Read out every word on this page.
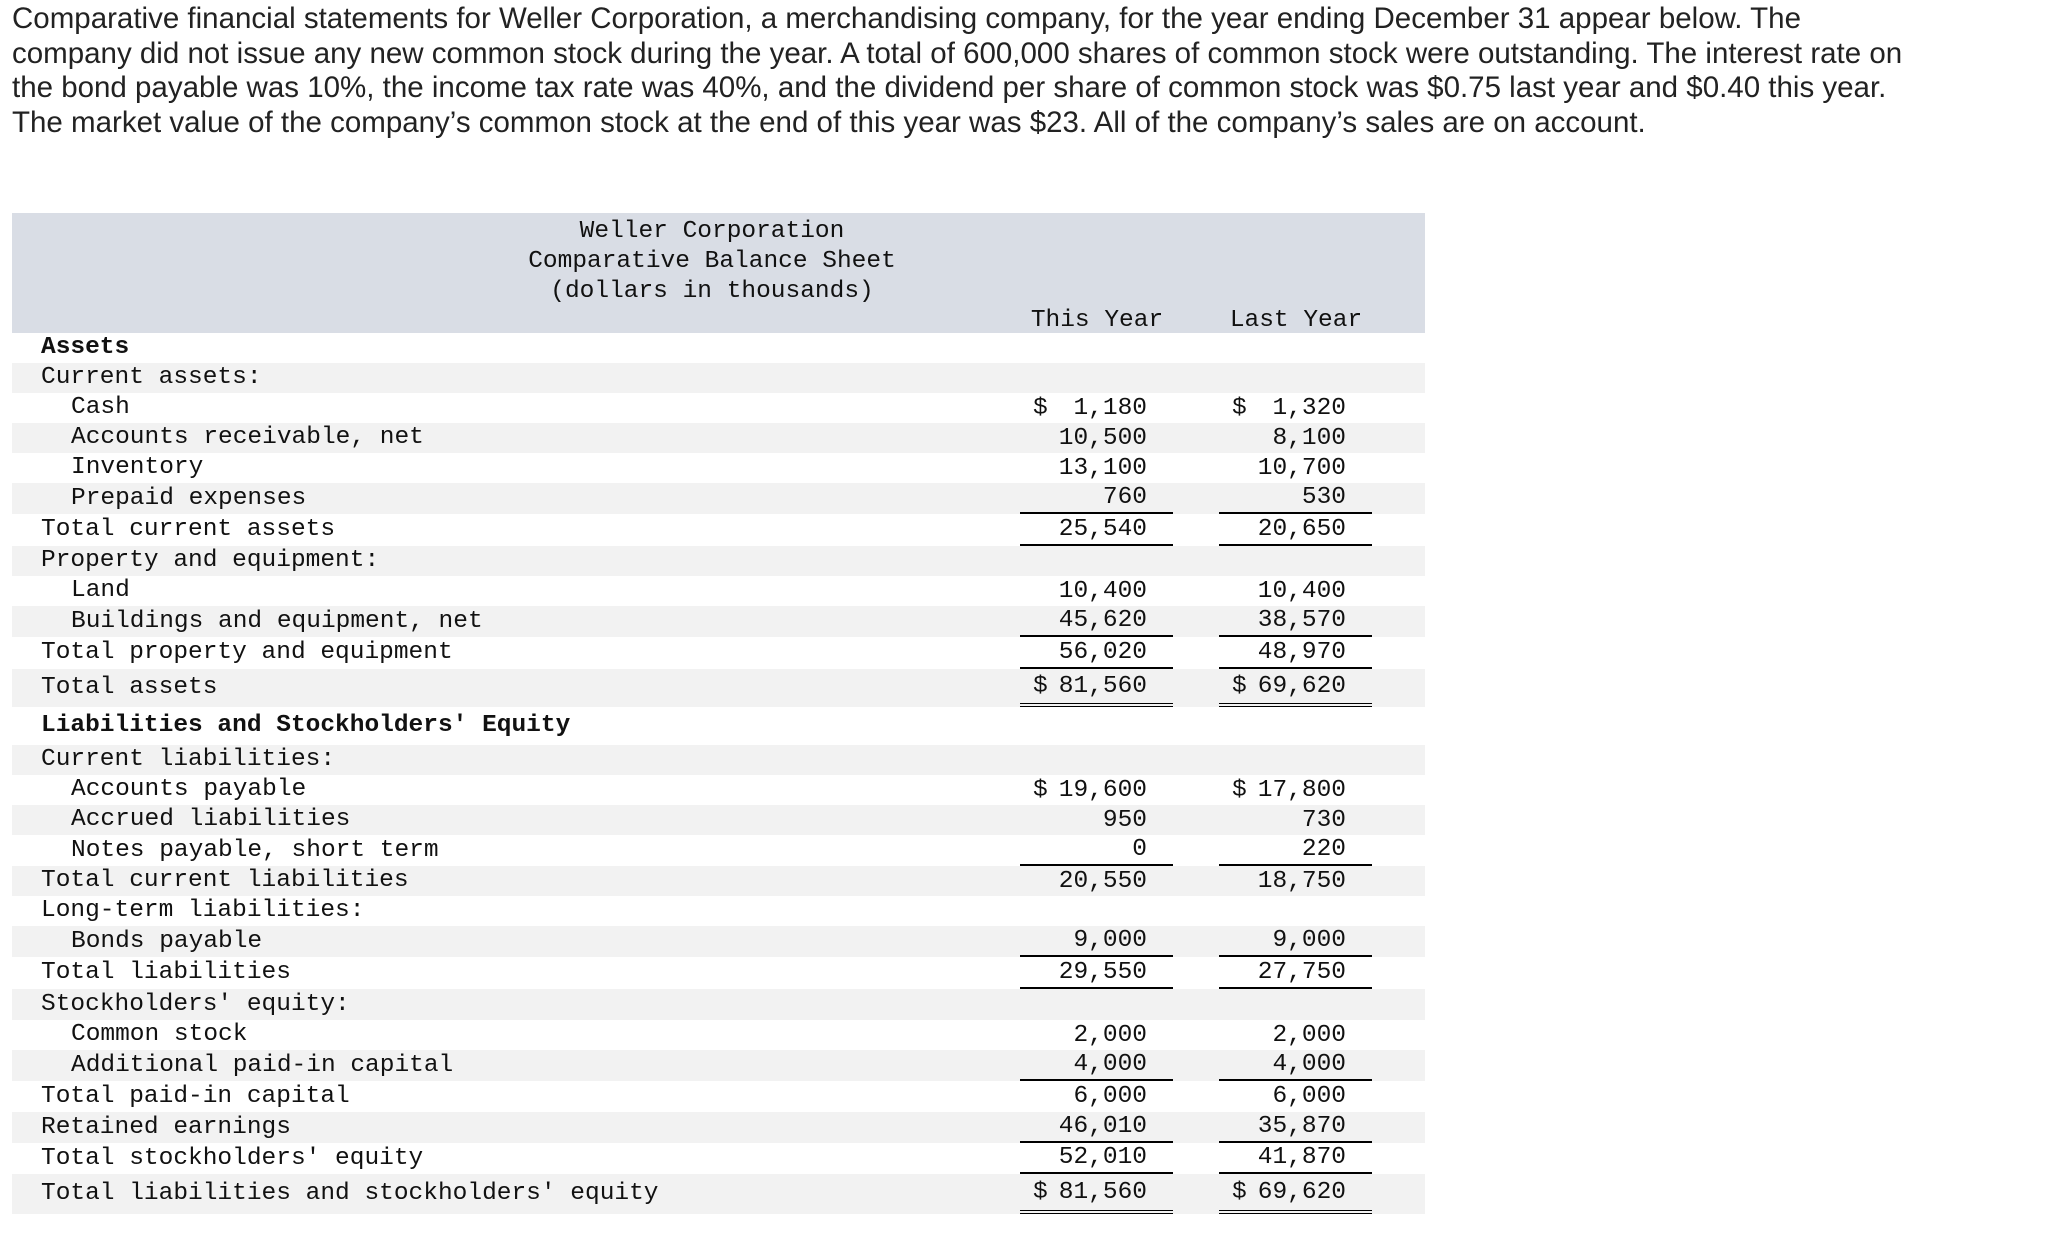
Comparative financial statements for Weller Corporation, a merchandising company, for the year ending December 31 appear below. The company did not issue any new common stock during the year. A total of 600,000 shares of common stock were outstanding. The interest rate on the bond payable was 10%, the income tax rate was 40%, and the dividend per share of common stock was $0.75 last year and $0.40 this year. The market value of the company’s common stock at the end of this year was $23. All of the company’s sales are on account.
Weller Corporation
Comparative Balance Sheet
(dollars in thousands)
This Year	Last Year
Assets
Current assets:
Cash	$ 1,180	$ 1,320
Accounts receivable, net	10,500	8,100
Inventory	13,100	10,700
Prepaid expenses	760	530
Total current assets	25,540	20,650
Property and equipment:
Land	10,400	10,400
Buildings and equipment, net	45,620	38,570
Total property and equipment	56,020	48,970
Total assets	$ 81,560	$ 69,620
Liabilities and Stockholders' Equity
Current liabilities:
Accounts payable	$ 19,600	$ 17,800
Accrued liabilities	950	730
Notes payable, short term	0	220
Total current liabilities	20,550	18,750
Long-term liabilities:
Bonds payable	9,000	9,000
Total liabilities	29,550	27,750
Stockholders' equity:
Common stock	2,000	2,000
Additional paid-in capital	4,000	4,000
Total paid-in capital	6,000	6,000
Retained earnings	46,010	35,870
Total stockholders' equity	52,010	41,870
Total liabilities and stockholders' equity	$ 81,560	$ 69,620
